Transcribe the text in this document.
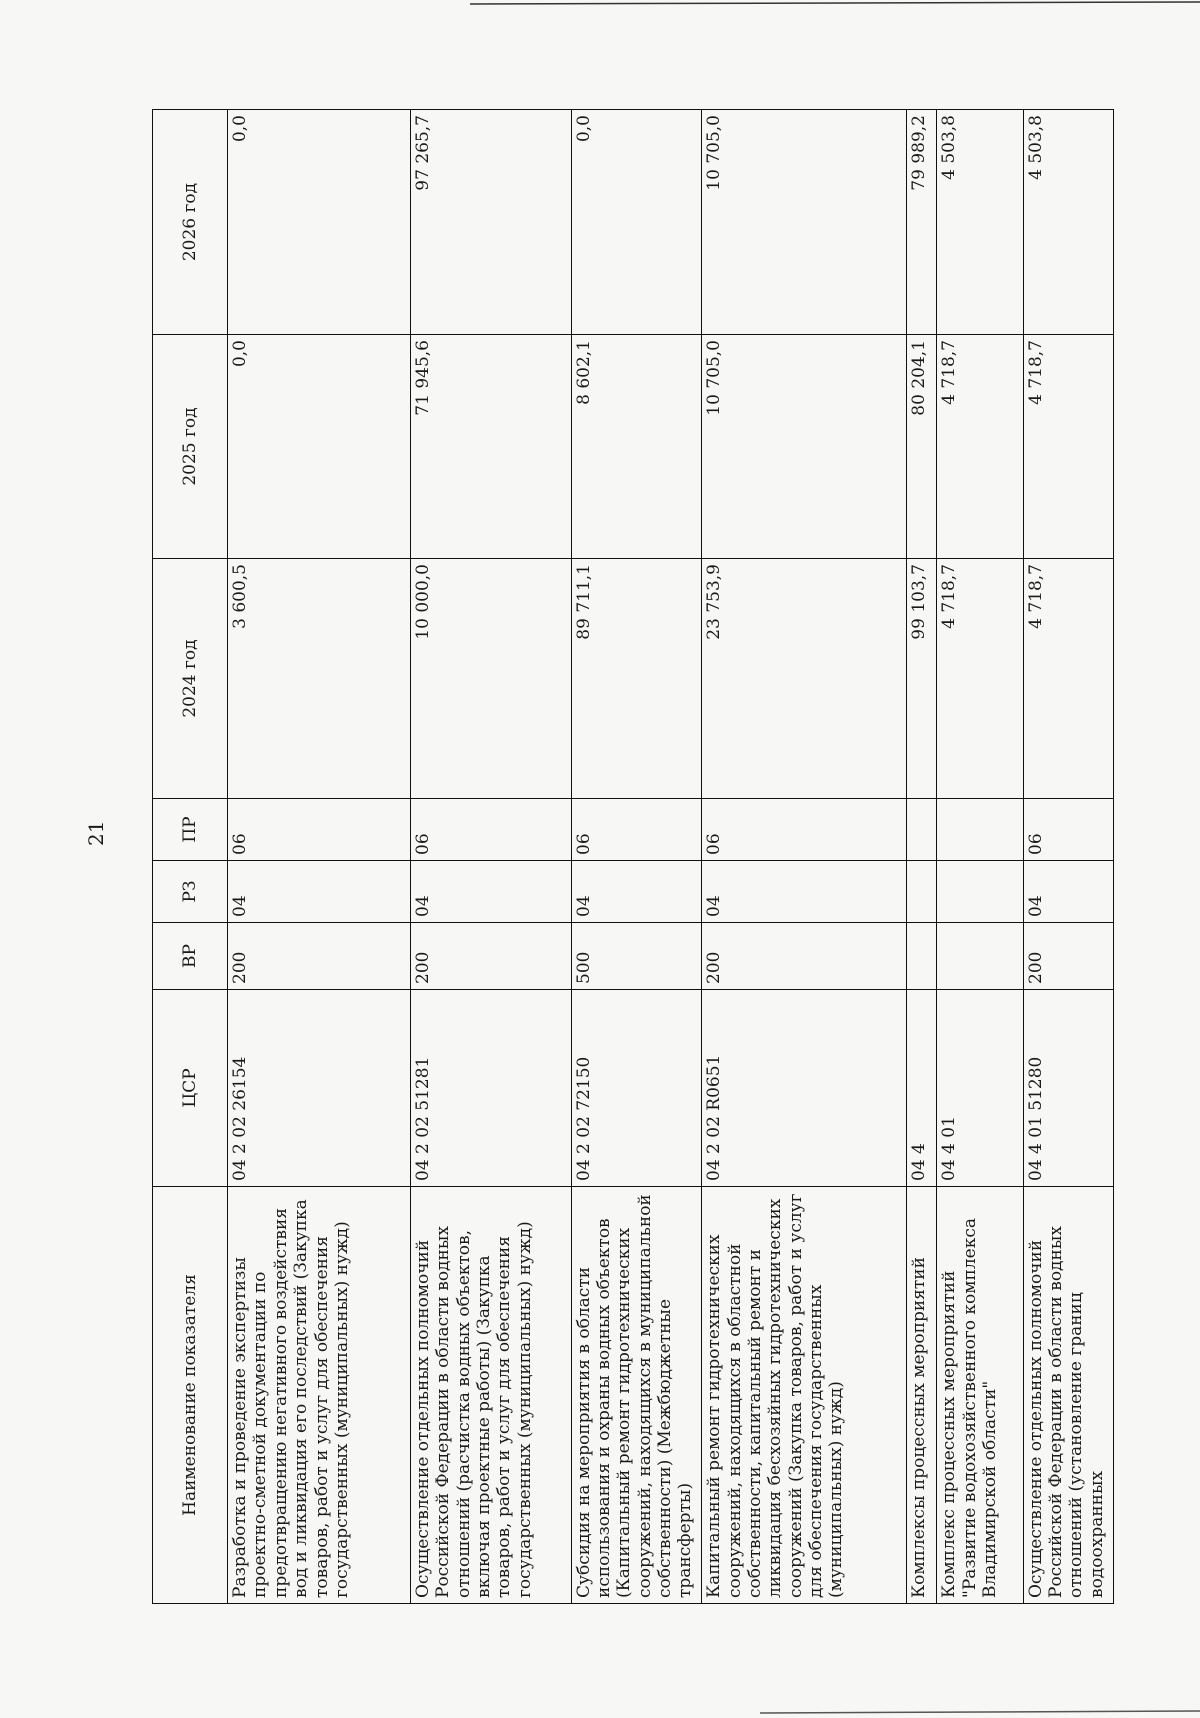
21
Наименование показателя	ЦСР	ВР	РЗ	ПР	2024 год	2025 год	2026 год
Разработка и проведение экспертизы проектно-сметной документации по предотвращению негативного воздействия вод и ликвидация его последствий (Закупка товаров, работ и услуг для обеспечения государственных (муниципальных) нужд)	04 2 02 26154	200	04	06	3 600,5	0,0	0,0
Осуществление отдельных полномочий Российской Федерации в области водных отношений (расчистка водных объектов, включая проектные работы) (Закупка товаров, работ и услуг для обеспечения государственных (муниципальных) нужд)	04 2 02 51281	200	04	06	10 000,0	71 945,6	97 265,7
Субсидия на мероприятия в области использования и охраны водных объектов (Капитальный ремонт гидротехнических сооружений, находящихся в муниципальной собственности) (Межбюджетные трансферты)	04 2 02 72150	500	04	06	89 711,1	8 602,1	0,0
Капитальный ремонт гидротехнических сооружений, находящихся в областной собственности, капитальный ремонт и ликвидация бесхозяйных гидротехнических сооружений (Закупка товаров, работ и услуг для обеспечения государственных (муниципальных) нужд)	04 2 02 R0651	200	04	06	23 753,9	10 705,0	10 705,0
Комплексы процессных мероприятий	04 4				99 103,7	80 204,1	79 989,2
Комплекс процессных мероприятий "Развитие водохозяйственного комплекса Владимирской области"	04 4 01				4 718,7	4 718,7	4 503,8
Осуществление отдельных полномочий Российской Федерации в области водных отношений (установление границ водоохранных	04 4 01 51280	200	04	06	4 718,7	4 718,7	4 503,8
